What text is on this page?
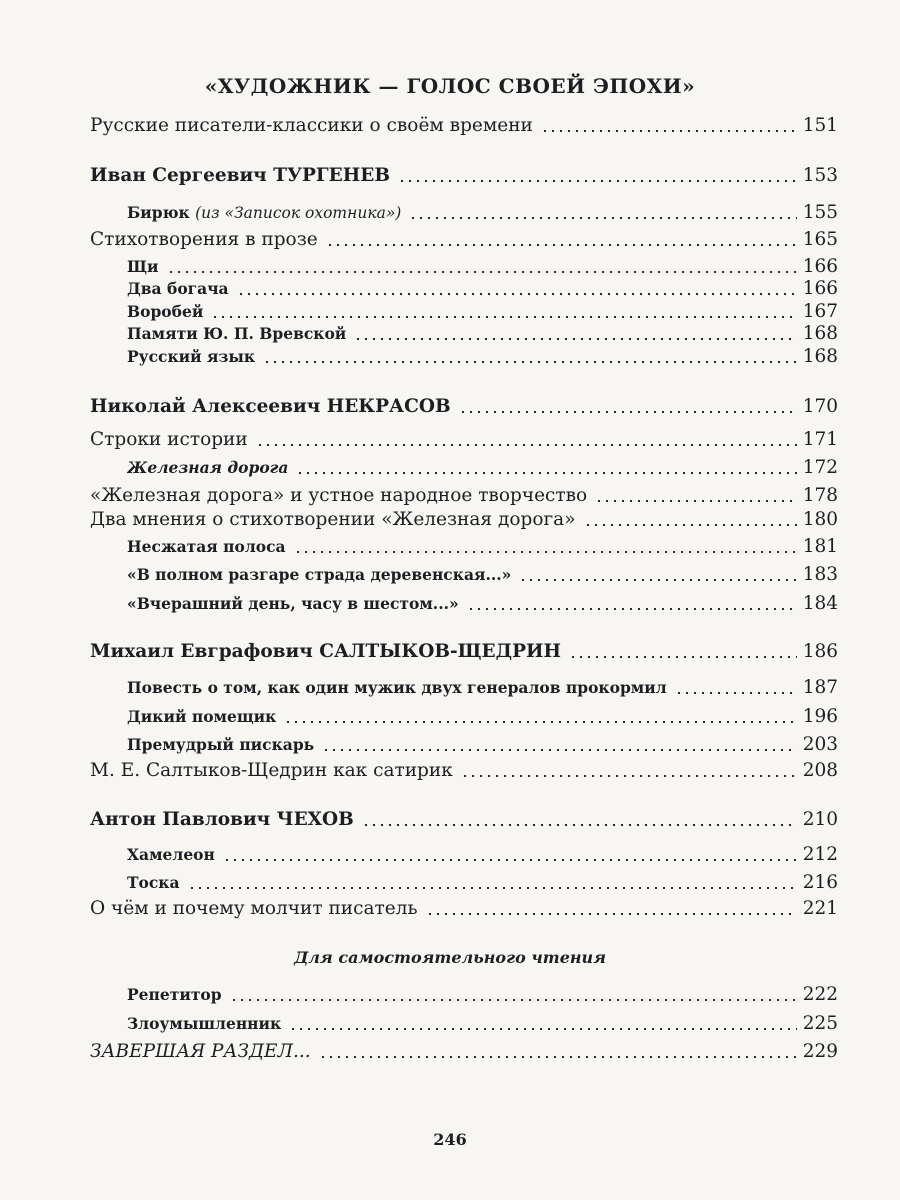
«ХУДОЖНИК — ГОЛОС СВОЕЙ ЭПОХИ»
Русские писатели-классики о своём времени	151
Иван Сергеевич ТУРГЕНЕВ	153
Бирюк (из «Записок охотника»)	155
Стихотворения в прозе	165
Щи	166
Два богача	166
Воробей	167
Памяти Ю. П. Вревской	168
Русский язык	168
Николай Алексеевич НЕКРАСОВ	170
Строки истории	171
Железная дорога	172
«Железная дорога» и устное народное творчество	178
Два мнения о стихотворении «Железная дорога»	180
Несжатая полоса	181
«В полном разгаре страда деревенская...»	183
«Вчерашний день, часу в шестом...»	184
Михаил Евграфович САЛТЫКОВ-ЩЕДРИН	186
Повесть о том, как один мужик двух генералов прокормил	187
Дикий помещик	196
Премудрый пискарь	203
М. Е. Салтыков-Щедрин как сатирик	208
Антон Павлович ЧЕХОВ	210
Хамелеон	212
Тоска	216
О чём и почему молчит писатель	221
Для самостоятельного чтения
Репетитор	222
Злоумышленник	225
ЗАВЕРШАЯ РАЗДЕЛ...	229
246
